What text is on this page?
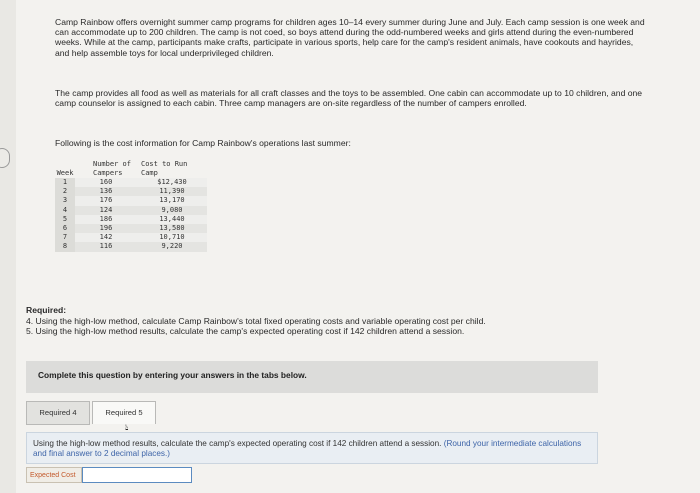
Camp Rainbow offers overnight summer camp programs for children ages 10–14 every summer during June and July. Each camp session is one week and can accommodate up to 200 children. The camp is not coed, so boys attend during the odd-numbered weeks and girls attend during the even-numbered weeks. While at the camp, participants make crafts, participate in various sports, help care for the camp's resident animals, have cookouts and hayrides, and help assemble toys for local underprivileged children.
The camp provides all food as well as materials for all craft classes and the toys to be assembled. One cabin can accommodate up to 10 children, and one camp counselor is assigned to each cabin. Three camp managers are on-site regardless of the number of campers enrolled.
Following is the cost information for Camp Rainbow's operations last summer:
Number of	Cost to Run
Week	Campers	Camp
1	160	$12,430
2	136	11,390
3	176	13,170
4	124	9,080
5	186	13,440
6	196	13,580
7	142	10,710
8	116	9,220
Required:
4. Using the high-low method, calculate Camp Rainbow's total fixed operating costs and variable operating cost per child.
5. Using the high-low method results, calculate the camp's expected operating cost if 142 children attend a session.
Complete this question by entering your answers in the tabs below.
Required 4	Required 5
👆︎
Using the high-low method results, calculate the camp's expected operating cost if 142 children attend a session. (Round your intermediate calculations and final answer to 2 decimal places.)
Expected Cost
